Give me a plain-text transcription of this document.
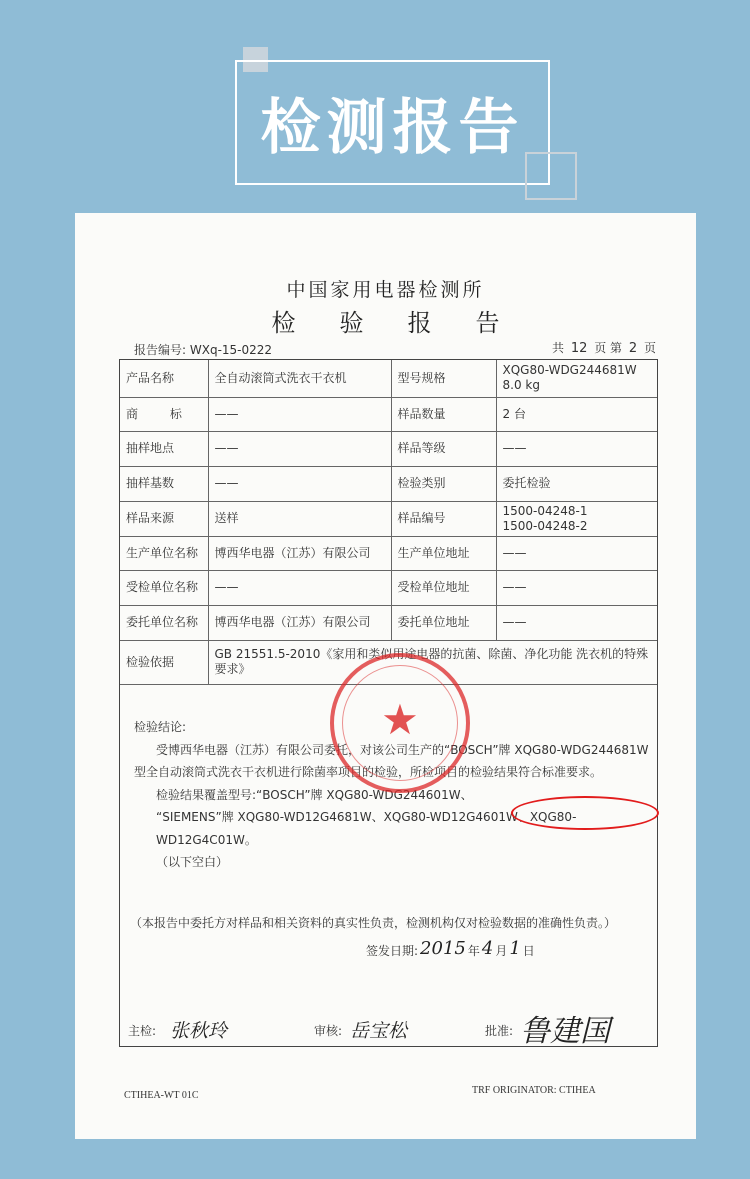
检测报告
中国家用电器检测所
检验报告
报告编号: WXq-15-0222	共 12 页 第 2 页
产品名称	全自动滚筒式洗衣干衣机	型号规格	XQG80-WDG244681W
8.0 kg

商 标	——	样品数量	2 台
抽样地点	——	样品等级	——
抽样基数	——	检验类别	委托检验
样品来源	送样	样品编号	1500-04248-1
1500-04248-2

生产单位名称	博西华电器（江苏）有限公司	生产单位地址	——
受检单位名称	——	受检单位地址	——
委托单位名称	博西华电器（江苏）有限公司	委托单位地址	——
检验依据	GB 21551.5-2010《家用和类似用途电器的抗菌、除菌、净化功能 洗衣机的特殊要求》		
检验结论:
受博西华电器（江苏）有限公司委托，对该公司生产的“BOSCH”牌 XQG80-WDG244681W
型全自动滚筒式洗衣干衣机进行除菌率项目的检验，所检项目的检验结果符合标准要求。
检验结果覆盖型号:“BOSCH”牌 XQG80-WDG244601W、
“SIEMENS”牌 XQG80-WD12G4681W、XQG80-WD12G4601W、XQG80-WD12G4C01W。
（以下空白）
主检: 张秋玲	审核: 岳宝松	批准: 鲁建国
★
（本报告中委托方对样品和相关资料的真实性负责，检测机构仅对检验数据的准确性负责。）
签发日期: 2015 年 4 月 1 日
CTIHEA-WT 01C	TRF ORIGINATOR: CTIHEA
